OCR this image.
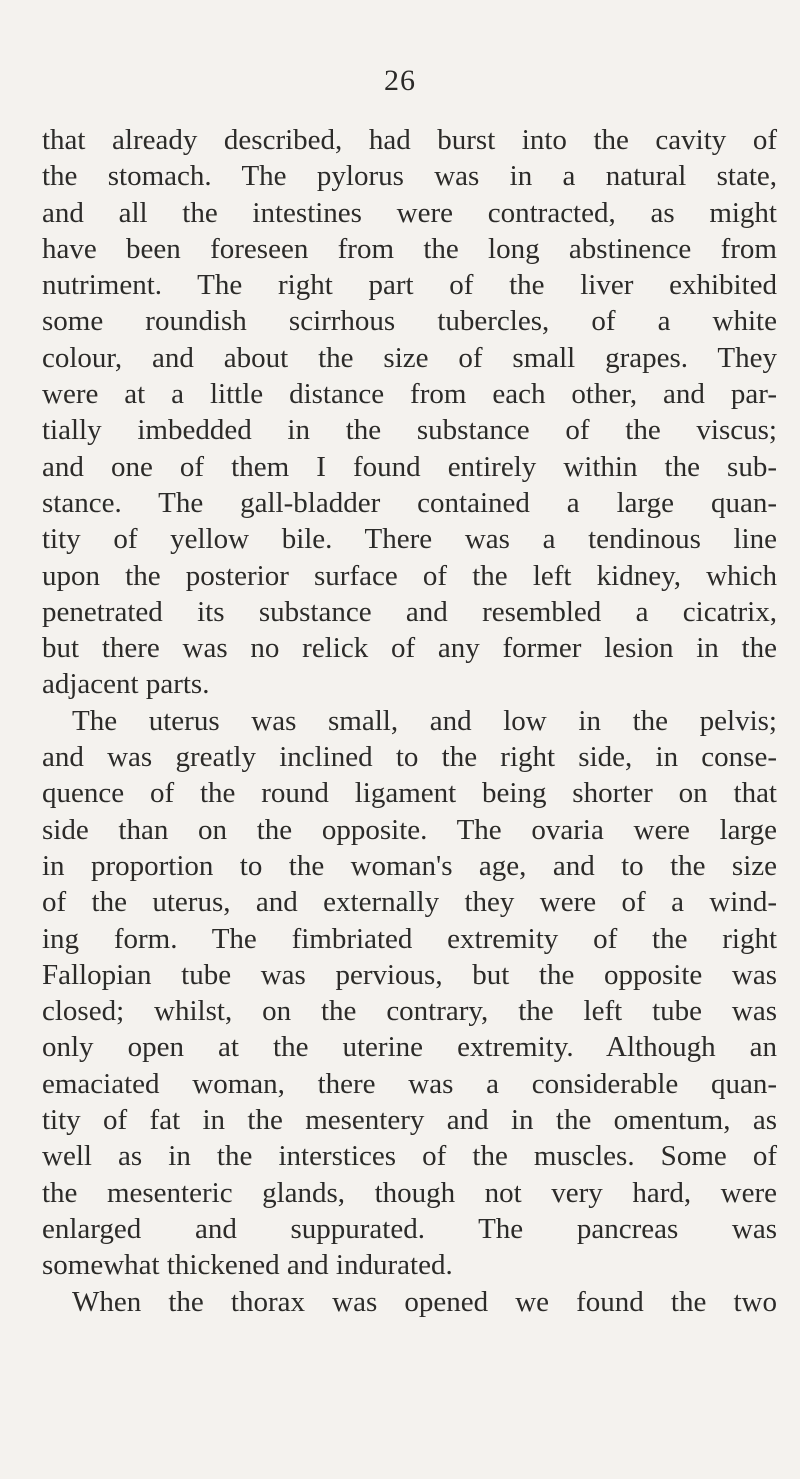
26
that already described, had burst into the cavity of
the stomach. The pylorus was in a natural state,
and all the intestines were contracted, as might
have been foreseen from the long abstinence from
nutriment. The right part of the liver exhibited
some roundish scirrhous tubercles, of a white
colour, and about the size of small grapes. They
were at a little distance from each other, and par-
tially imbedded in the substance of the viscus;
and one of them I found entirely within the sub-
stance. The gall-bladder contained a large quan-
tity of yellow bile. There was a tendinous line
upon the posterior surface of the left kidney, which
penetrated its substance and resembled a cicatrix,
but there was no relick of any former lesion in the
adjacent parts.
The uterus was small, and low in the pelvis;
and was greatly inclined to the right side, in conse-
quence of the round ligament being shorter on that
side than on the opposite. The ovaria were large
in proportion to the woman's age, and to the size
of the uterus, and externally they were of a wind-
ing form. The fimbriated extremity of the right
Fallopian tube was pervious, but the opposite was
closed; whilst, on the contrary, the left tube was
only open at the uterine extremity. Although an
emaciated woman, there was a considerable quan-
tity of fat in the mesentery and in the omentum, as
well as in the interstices of the muscles. Some of
the mesenteric glands, though not very hard, were
enlarged and suppurated. The pancreas was
somewhat thickened and indurated.
When the thorax was opened we found the two
